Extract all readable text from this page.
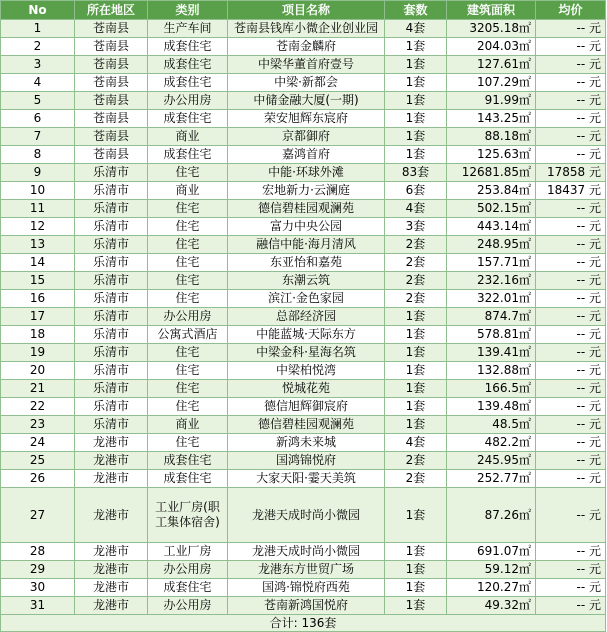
No	所在地区	类别	项目名称	套数	建筑面积	均价
1	苍南县	生产车间	苍南县钱库小微企业创业园	4套	3205.18㎡	-- 元
2	苍南县	成套住宅	苍南金麟府	1套	204.03㎡	-- 元
3	苍南县	成套住宅	中梁华董首府壹号	1套	127.61㎡	-- 元
4	苍南县	成套住宅	中梁·新都会	1套	107.29㎡	-- 元
5	苍南县	办公用房	中储金融大厦(一期)	1套	91.99㎡	-- 元
6	苍南县	成套住宅	荣安旭辉东宸府	1套	143.25㎡	-- 元
7	苍南县	商业	京都御府	1套	88.18㎡	-- 元
8	苍南县	成套住宅	嘉鸿首府	1套	125.63㎡	-- 元
9	乐清市	住宅	中能·环球外滩	83套	12681.85㎡	17858 元
10	乐清市	商业	宏地新力·云澜庭	6套	253.84㎡	18437 元
11	乐清市	住宅	德信碧桂园观澜苑	4套	502.15㎡	-- 元
12	乐清市	住宅	富力中央公园	3套	443.14㎡	-- 元
13	乐清市	住宅	融信中能·海月清风	2套	248.95㎡	-- 元
14	乐清市	住宅	东亚怡和嘉苑	2套	157.71㎡	-- 元
15	乐清市	住宅	东潮云筑	2套	232.16㎡	-- 元
16	乐清市	住宅	滨江·金色家园	2套	322.01㎡	-- 元
17	乐清市	办公用房	总部经济园	1套	874.7㎡	-- 元
18	乐清市	公寓式酒店	中能蓝城·天际东方	1套	578.81㎡	-- 元
19	乐清市	住宅	中梁金科·星海名筑	1套	139.41㎡	-- 元
20	乐清市	住宅	中梁柏悦湾	1套	132.88㎡	-- 元
21	乐清市	住宅	悦城花苑	1套	166.5㎡	-- 元
22	乐清市	住宅	德信旭辉御宸府	1套	139.48㎡	-- 元
23	乐清市	商业	德信碧桂园观澜苑	1套	48.5㎡	-- 元
24	龙港市	住宅	新鸿未来城	4套	482.2㎡	-- 元
25	龙港市	成套住宅	国鸿锦悦府	2套	245.95㎡	-- 元
26	龙港市	成套住宅	大家天阳·霎天美筑	2套	252.77㎡	-- 元
27	龙港市	工业厂房(职工集体宿舍)	龙港天成时尚小微园	1套	87.26㎡	-- 元
28	龙港市	工业厂房	龙港天成时尚小微园	1套	691.07㎡	-- 元
29	龙港市	办公用房	龙港东方世贸广场	1套	59.12㎡	-- 元
30	龙港市	成套住宅	国鸿·锦悦府西苑	1套	120.27㎡	-- 元
31	龙港市	办公用房	苍南新鸿国悦府	1套	49.32㎡	-- 元
合计: 136套						
